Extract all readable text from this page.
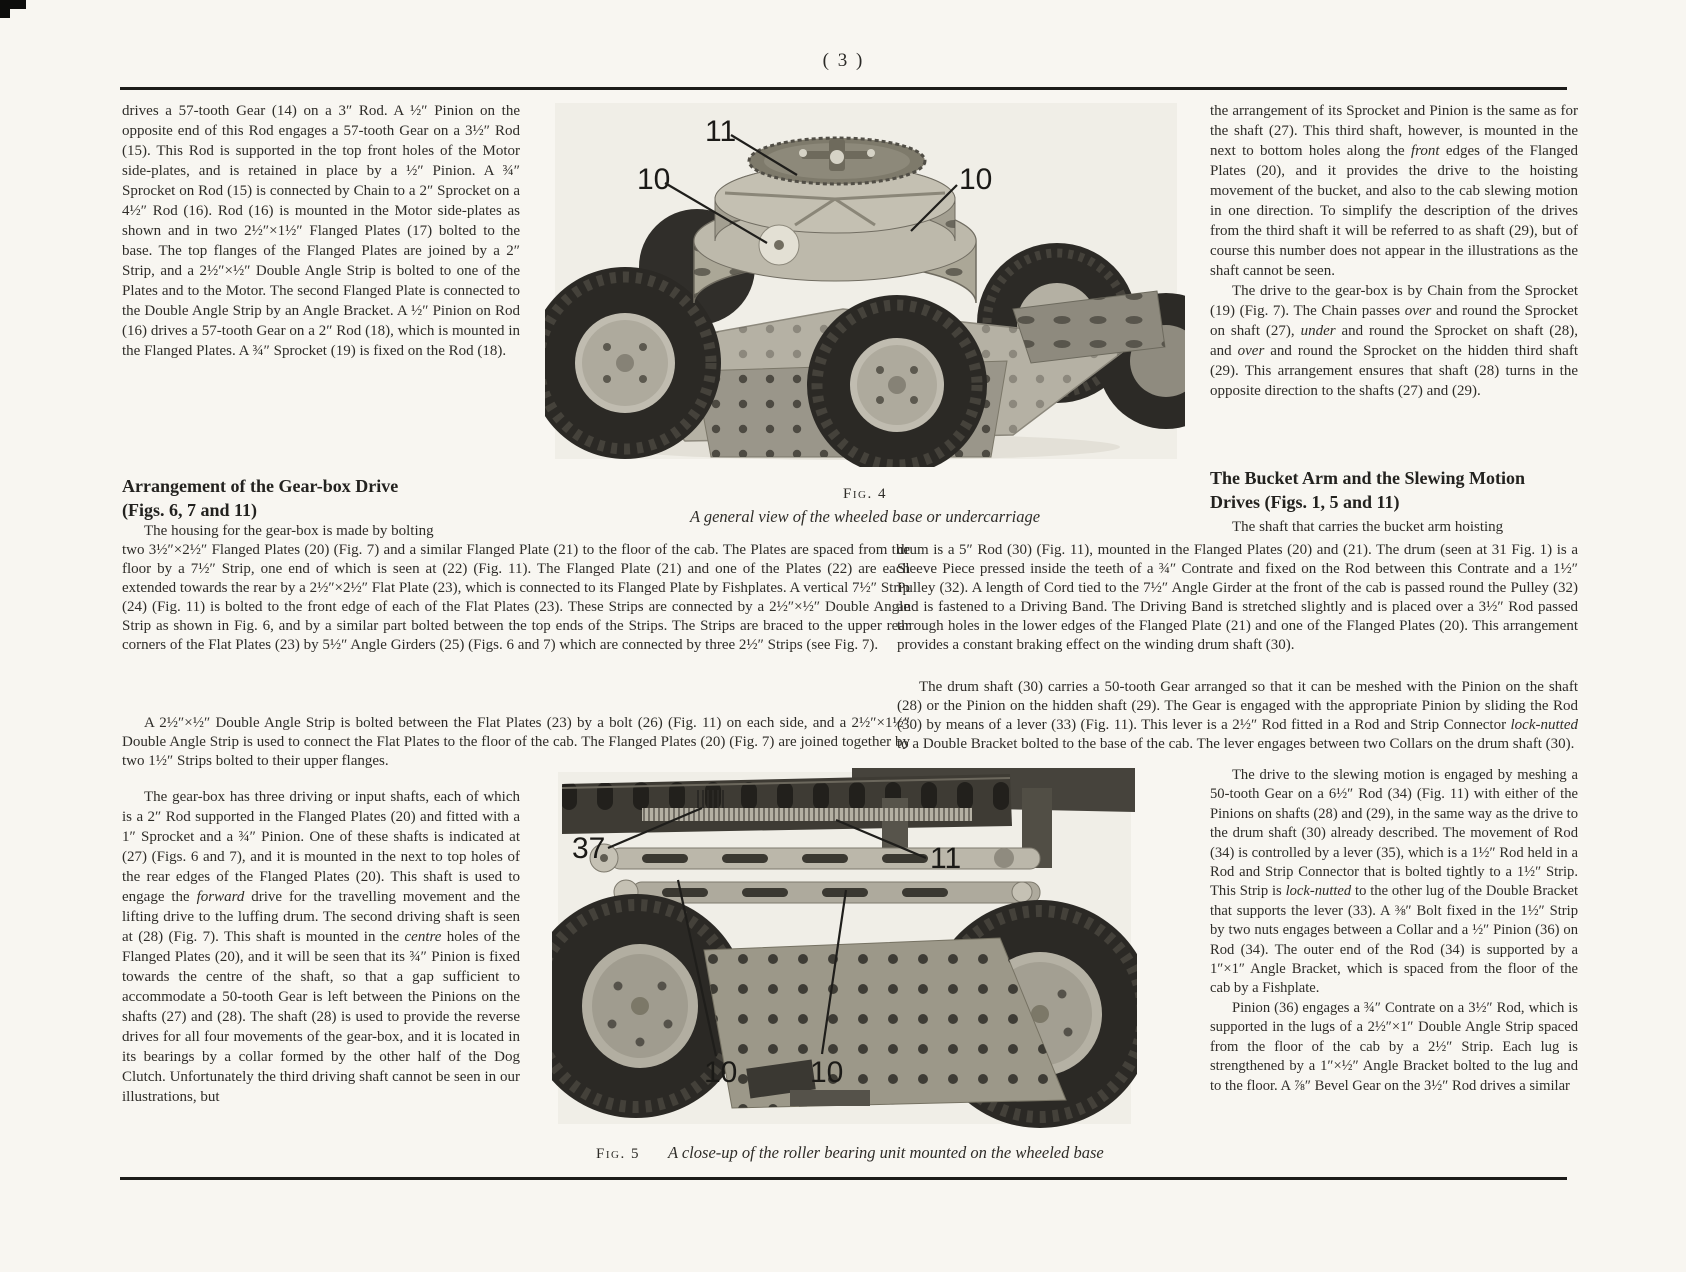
( 3 )
drives a 57-tooth Gear (14) on a 3″ Rod. A ½″ Pinion on the opposite end of this Rod engages a 57-tooth Gear on a 3½″ Rod (15). This Rod is supported in the top front holes of the Motor side-plates, and is retained in place by a ½″ Pinion. A ¾″ Sprocket on Rod (15) is connected by Chain to a 2″ Sprocket on a 4½″ Rod (16). Rod (16) is mounted in the Motor side-plates as shown and in two 2½″×1½″ Flanged Plates (17) bolted to the base. The top flanges of the Flanged Plates are joined by a 2″ Strip, and a 2½″×½″ Double Angle Strip is bolted to one of the Plates and to the Motor. The second Flanged Plate is connected to the Double Angle Strip by an Angle Bracket. A ½″ Pinion on Rod (16) drives a 57-tooth Gear on a 2″ Rod (18), which is mounted in the Flanged Plates. A ¾″ Sprocket (19) is fixed on the Rod (18).
Arrangement of the Gear-box Drive
(Figs. 6, 7 and 11)
The housing for the gear-box is made by bolting
two 3½″×2½″ Flanged Plates (20) (Fig. 7) and a similar Flanged Plate (21) to the floor of the cab. The Plates are spaced from the floor by a 7½″ Strip, one end of which is seen at (22) (Fig. 11). The Flanged Plate (21) and one of the Plates (22) are each extended towards the rear by a 2½″×2½″ Flat Plate (23), which is connected to its Flanged Plate by Fishplates. A vertical 7½″ Strip (24) (Fig. 11) is bolted to the front edge of each of the Flat Plates (23). These Strips are connected by a 2½″×½″ Double Angle Strip as shown in Fig. 6, and by a similar part bolted between the top ends of the Strips. The Strips are braced to the upper rear corners of the Flat Plates (23) by 5½″ Angle Girders (25) (Figs. 6 and 7) which are connected by three 2½″ Strips (see Fig. 7).
A 2½″×½″ Double Angle Strip is bolted between the Flat Plates (23) by a bolt (26) (Fig. 11) on each side, and a 2½″×1½″ Double Angle Strip is used to connect the Flat Plates to the floor of the cab. The Flanged Plates (20) (Fig. 7) are joined together by two 1½″ Strips bolted to their upper flanges.
The gear-box has three driving or input shafts, each of which is a 2″ Rod supported in the Flanged Plates (20) and fitted with a 1″ Sprocket and a ¾″ Pinion. One of these shafts is indicated at (27) (Figs. 6 and 7), and it is mounted in the next to top holes of the rear edges of the Flanged Plates (20). This shaft is used to engage the forward drive for the travelling movement and the lifting drive to the luffing drum. The second driving shaft is seen at (28) (Fig. 7). This shaft is mounted in the centre holes of the Flanged Plates (20), and it will be seen that its ¾″ Pinion is fixed towards the centre of the shaft, so that a gap sufficient to accommodate a 50-tooth Gear is left between the Pinions on the shafts (27) and (28). The shaft (28) is used to provide the reverse drives for all four movements of the gear-box, and it is located in its bearings by a collar formed by the other half of the Dog Clutch. Unfortunately the third driving shaft cannot be seen in our illustrations, but

the arrangement of its Sprocket and Pinion is the same as for the shaft (27). This third shaft, however, is mounted in the next to bottom holes along the front edges of the Flanged Plates (20), and it provides the drive to the hoisting movement of the bucket, and also to the cab slewing motion in one direction. To simplify the description of the drives from the third shaft it will be referred to as shaft (29), but of course this number does not appear in the illustrations as the shaft cannot be seen.

The drive to the gear-box is by Chain from the Sprocket (19) (Fig. 7). The Chain passes over and round the Sprocket on shaft (27), under and round the Sprocket on shaft (28), and over and round the Sprocket on the hidden third shaft (29). This arrangement ensures that shaft (28) turns in the opposite direction to the shafts (27) and (29).

The Bucket Arm and the Slewing Motion
Drives (Figs. 1, 5 and 11)
The shaft that carries the bucket arm hoisting
drum is a 5″ Rod (30) (Fig. 11), mounted in the Flanged Plates (20) and (21). The drum (seen at 31 Fig. 1) is a Sleeve Piece pressed inside the teeth of a ¾″ Contrate and fixed on the Rod between this Contrate and a 1½″ Pulley (32). A length of Cord tied to the 7½″ Angle Girder at the front of the cab is passed round the Pulley (32) and is fastened to a Driving Band. The Driving Band is stretched slightly and is placed over a 3½″ Rod passed through holes in the lower edges of the Flanged Plate (21) and one of the Flanged Plates (20). This arrangement provides a constant braking effect on the winding drum shaft (30).
The drum shaft (30) carries a 50-tooth Gear arranged so that it can be meshed with the Pinion on the shaft (28) or the Pinion on the hidden shaft (29). The Gear is engaged with the appropriate Pinion by sliding the Rod (30) by means of a lever (33) (Fig. 11). This lever is a 2½″ Rod fitted in a Rod and Strip Connector lock-nutted to a Double Bracket bolted to the base of the cab. The lever engages between two Collars on the drum shaft (30).

The drive to the slewing motion is engaged by meshing a 50-tooth Gear on a 6½″ Rod (34) (Fig. 11) with either of the Pinions on shafts (28) and (29), in the same way as the drive to the drum shaft (30) already described. The movement of Rod (34) is controlled by a lever (35), which is a 1½″ Rod held in a Rod and Strip Connector that is bolted tightly to a 1½″ Strip. This Strip is lock-nutted to the other lug of the Double Bracket that supports the lever (33). A ⅜″ Bolt fixed in the 1½″ Strip by two nuts engages between a Collar and a ½″ Pinion (36) on Rod (34). The outer end of the Rod (34) is supported by a 1″×1″ Angle Bracket, which is spaced from the floor of the cab by a Fishplate.

Pinion (36) engages a ¾″ Contrate on a 3½″ Rod, which is supported in the lugs of a 2½″×1″ Double Angle Strip spaced from the floor of the cab by a 2½″ Strip. Each lug is strengthened by a 1″×½″ Angle Bracket bolted to the lug and to the floor. A ⅞″ Bevel Gear on the 3½″ Rod drives a similar

11
10	10
Fig. 4
A general view of the wheeled base or undercarriage
37	11
10 10
Fig. 5 A close-up of the roller bearing unit mounted on the wheeled base
